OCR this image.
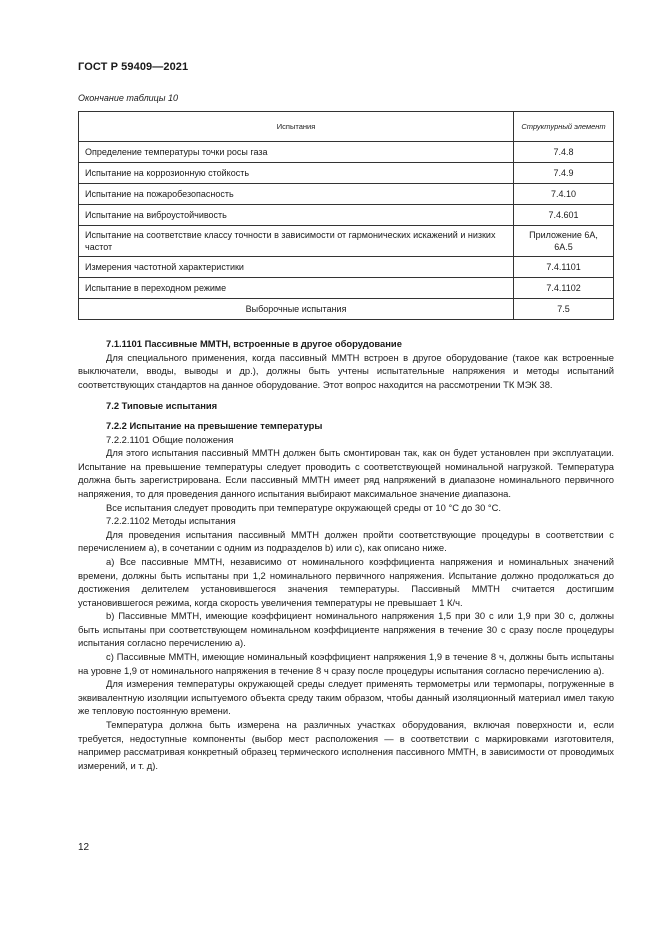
ГОСТ Р 59409—2021
Окончание таблицы 10
Испытания	Структурный элемент
Определение температуры точки росы газа	7.4.8
Испытание на коррозионную стойкость	7.4.9
Испытание на пожаробезопасность	7.4.10
Испытание на виброустойчивость	7.4.601
Испытание на соответствие классу точности в зависимости от гармонических искажений и низких частот	Приложение 6А, 6А.5
Измерения частотной характеристики	7.4.1101
Испытание в переходном режиме	7.4.1102
Выборочные испытания	7.5

7.1.1101 Пассивные ММТН, встроенные в другое оборудование

Для специального применения, когда пассивный ММТН встроен в другое оборудование (такое как встроенные выключатели, вводы, выводы и др.), должны быть учтены испытательные напряжения и методы испытаний соответствующих стандартов на данное оборудование. Этот вопрос находится на рассмотрении ТК МЭК 38.

7.2 Типовые испытания

7.2.2 Испытание на превышение температуры

7.2.2.1101 Общие положения

Для этого испытания пассивный ММТН должен быть смонтирован так, как он будет установлен при эксплуатации. Испытание на превышение температуры следует проводить с соответствующей номинальной нагрузкой. Температура должна быть зарегистрирована. Если пассивный ММТН имеет ряд напряжений в диапазоне номинального первичного напряжения, то для проведения данного испытания выбирают максимальное значение диапазона.

Все испытания следует проводить при температуре окружающей среды от 10 °С до 30 °С.

7.2.2.1102 Методы испытания

Для проведения испытания пассивный ММТН должен пройти соответствующие процедуры в соответствии с перечислением а), в сочетании с одним из подразделов b) или c), как описано ниже.

а) Все пассивные ММТН, независимо от номинального коэффициента напряжения и номинальных значений времени, должны быть испытаны при 1,2 номинального первичного напряжения. Испытание должно продолжаться до достижения делителем установившегося значения температуры. Пассивный ММТН считается достигшим установившегося режима, когда скорость увеличения температуры не превышает 1 К/ч.

b) Пассивные ММТН, имеющие коэффициент номинального напряжения 1,5 при 30 с или 1,9 при 30 с, должны быть испытаны при соответствующем номинальном коэффициенте напряжения в течение 30 с сразу после процедуры испытания согласно перечислению а).

c) Пассивные ММТН, имеющие номинальный коэффициент напряжения 1,9 в течение 8 ч, должны быть испытаны на уровне 1,9 от номинального напряжения в течение 8 ч сразу после процедуры испытания согласно перечислению а).

Для измерения температуры окружающей среды следует применять термометры или термопары, погруженные в эквивалентную изоляции испытуемого объекта среду таким образом, чтобы данный изоляционный материал имел такую же тепловую постоянную времени.

Температура должна быть измерена на различных участках оборудования, включая поверхности и, если требуется, недоступные компоненты (выбор мест расположения — в соответствии с маркировками изготовителя, например рассматривая конкретный образец термического исполнения пассивного ММТН, в зависимости от проводимых измерений, и т. д).

12
